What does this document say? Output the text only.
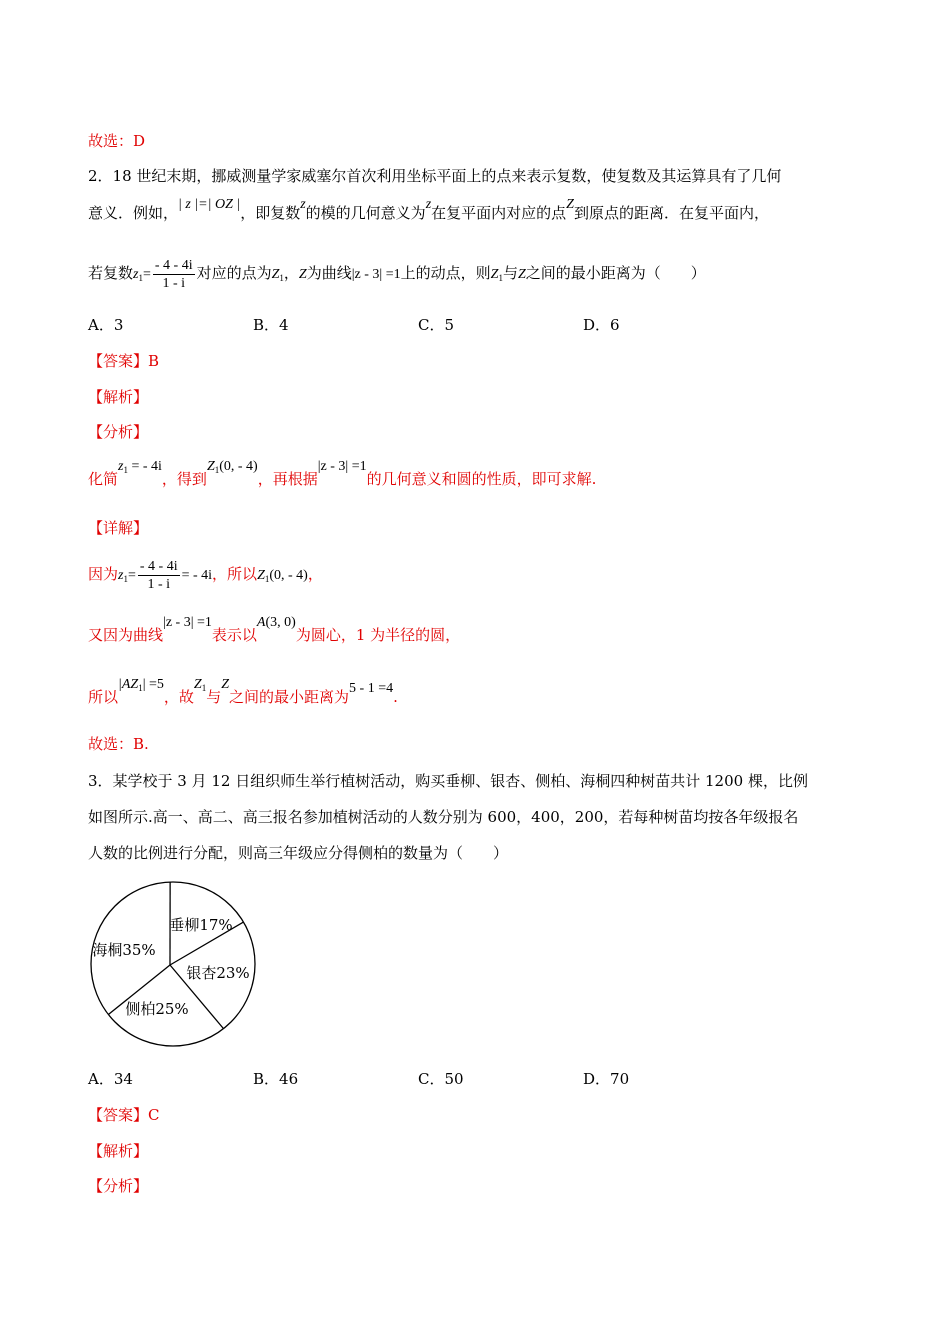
故选：D
2．18 世纪末期，挪威测量学家威塞尔首次利用坐标平面上的点来表示复数，使复数及其运算具有了几何
意义．例如，| z |=| OZ |，即复数z的模的几何意义为z在复平面内对应的点Z到原点的距离．在复平面内，
若复数$z_1= \frac{- 4 - 4i}{1 - i}$ 对应的点为$Z_1$，Z为曲线|z - 3| =1上的动点，则$Z_1$与Z之间的最小距离为（　　）
A．3	B．4	C．5	D．6
【答案】B
【解析】
【分析】
化简$z_1$ = - 4i，得到$Z_1(0$, - 4)，再根据|z - 3| =1的几何意义和圆的性质，即可求解.
【详解】
因为$z_1= \frac{- 4 - 4i}{1 - i}$ = - 4i，所以$Z_1(0$, - 4)，
又因为曲线|z - 3| =1表示以A(3, 0)为圆心，1 为半径的圆，
所以$|AZ_1| =5$，故$Z_1$与Z之间的最小距离为5 - 1 =4.
故选：B.
3．某学校于 3 月 12 日组织师生举行植树活动，购买垂柳、银杏、侧柏、海桐四种树苗共计 1200 棵，比例
如图所示.高一、高二、高三报名参加植树活动的人数分别为 600，400，200，若每种树苗均按各年级报名
人数的比例进行分配，则高三年级应分得侧柏的数量为（　　）
垂柳17%
银杏23%
侧柏25%
海桐35%
A．34	B．46	C．50	D．70
【答案】C
【解析】
【分析】
